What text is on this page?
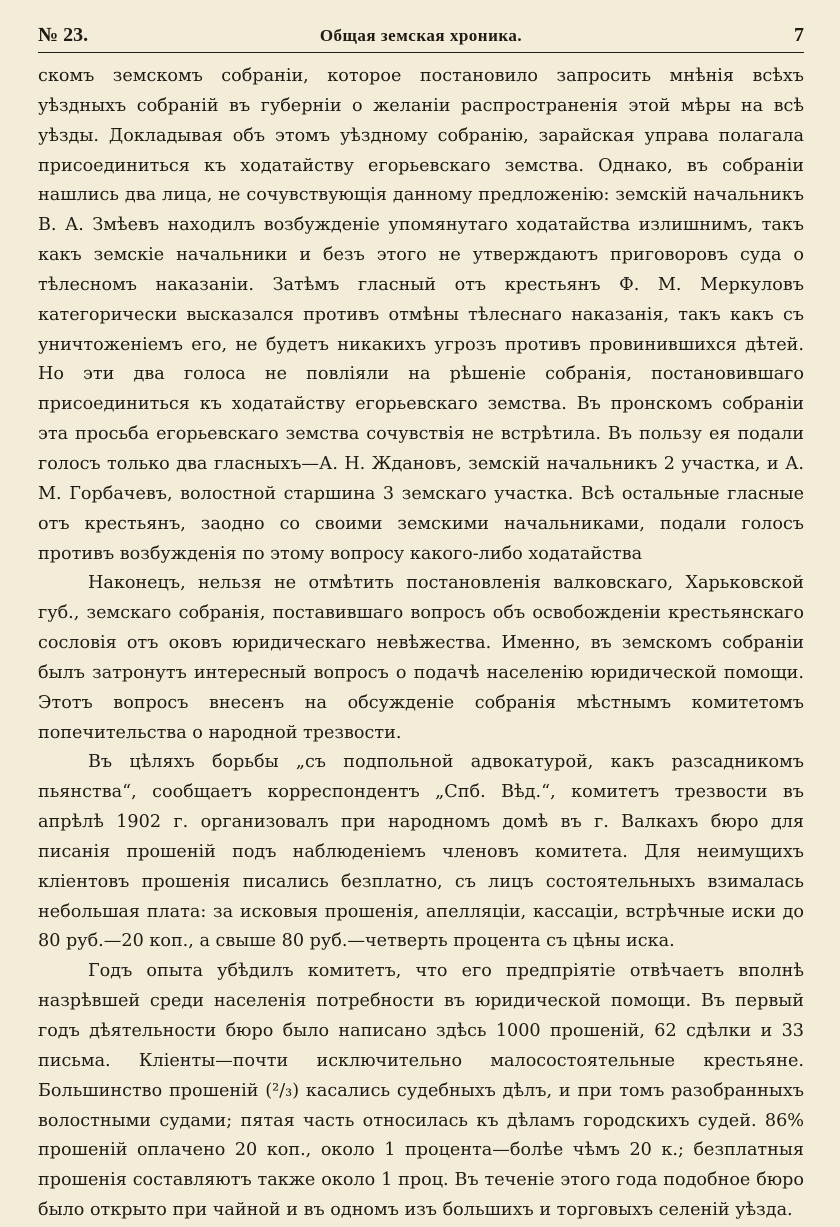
№ 23.	Общая земская хроника.	7

скомъ земскомъ собраніи, которое постановило запросить мнѣнія всѣхъ уѣздныхъ собраній въ губерніи о желаніи распространенія этой мѣры на всѣ уѣзды. Докладывая объ этомъ уѣздному собранію, зарайская управа полагала присоединиться къ ходатайству егорьевскаго земства. Однако, въ собраніи нашлись два лица, не сочувствующія данному предложенію: земскій начальникъ В. А. Змѣевъ находилъ возбужденіе упомянутаго ходатайства излишнимъ, такъ какъ земскіе начальники и безъ этого не утверждаютъ приговоровъ суда о тѣлесномъ наказаніи. Затѣмъ гласный отъ крестьянъ Ф. М. Меркуловъ категорически высказался противъ отмѣны тѣлеснаго наказанія, такъ какъ съ уничтоженіемъ его, не будетъ никакихъ угрозъ противъ провинившихся дѣтей. Но эти два голоса не повліяли на рѣшеніе собранія, постановившаго присоединиться къ ходатайству егорьевскаго земства. Въ пронскомъ собраніи эта просьба егорьевскаго земства сочувствія не встрѣтила. Въ пользу ея подали голосъ только два гласныхъ—А. Н. Ждановъ, земскій начальникъ 2 участка, и А. М. Горбачевъ, волостной старшина 3 земскаго участка. Всѣ остальные гласные отъ крестьянъ, заодно со своими земскими начальниками, подали голосъ противъ возбужденія по этому вопросу какого-либо ходатайства

Наконецъ, нельзя не отмѣтить постановленія валковскаго, Харьковской губ., земскаго собранія, поставившаго вопросъ объ освобожденіи крестьянскаго сословія отъ оковъ юридическаго невѣжества. Именно, въ земскомъ собраніи былъ затронутъ интересный вопросъ о подачѣ населенію юридической помощи. Этотъ вопросъ внесенъ на обсужденіе собранія мѣстнымъ комитетомъ попечительства о народной трезвости.

Въ цѣляхъ борьбы „съ подпольной адвокатурой, какъ разсадникомъ пьянства“, сообщаетъ корреспондентъ „Спб. Вѣд.“, комитетъ трезвости въ апрѣлѣ 1902 г. организовалъ при народномъ домѣ въ г. Валкахъ бюро для писанія прошеній подъ наблюденіемъ членовъ комитета. Для неимущихъ кліентовъ прошенія писались безплатно, съ лицъ состоятельныхъ взималась небольшая плата: за исковыя прошенія, апелляціи, кассаціи, встрѣчные иски до 80 руб.—20 коп., а свыше 80 руб.—четверть процента съ цѣны иска.

Годъ опыта убѣдилъ комитетъ, что его предпріятіе отвѣчаетъ вполнѣ назрѣвшей среди населенія потребности въ юридической помощи. Въ первый годъ дѣятельности бюро было написано здѣсь 1000 прошеній, 62 сдѣлки и 33 письма. Кліенты—почти исключительно малосостоятельные крестьяне. Большинство прошеній (²/₃) касались судебныхъ дѣлъ, и при томъ разобранныхъ волостными судами; пятая часть относилась къ дѣламъ городскихъ судей. 86% прошеній оплачено 20 коп., около 1 процента—болѣе чѣмъ 20 к.; безплатныя прошенія составляютъ также около 1 проц. Въ теченіе этого года подобное бюро было открыто при чайной и въ одномъ изъ большихъ и торговыхъ селеній уѣзда.
